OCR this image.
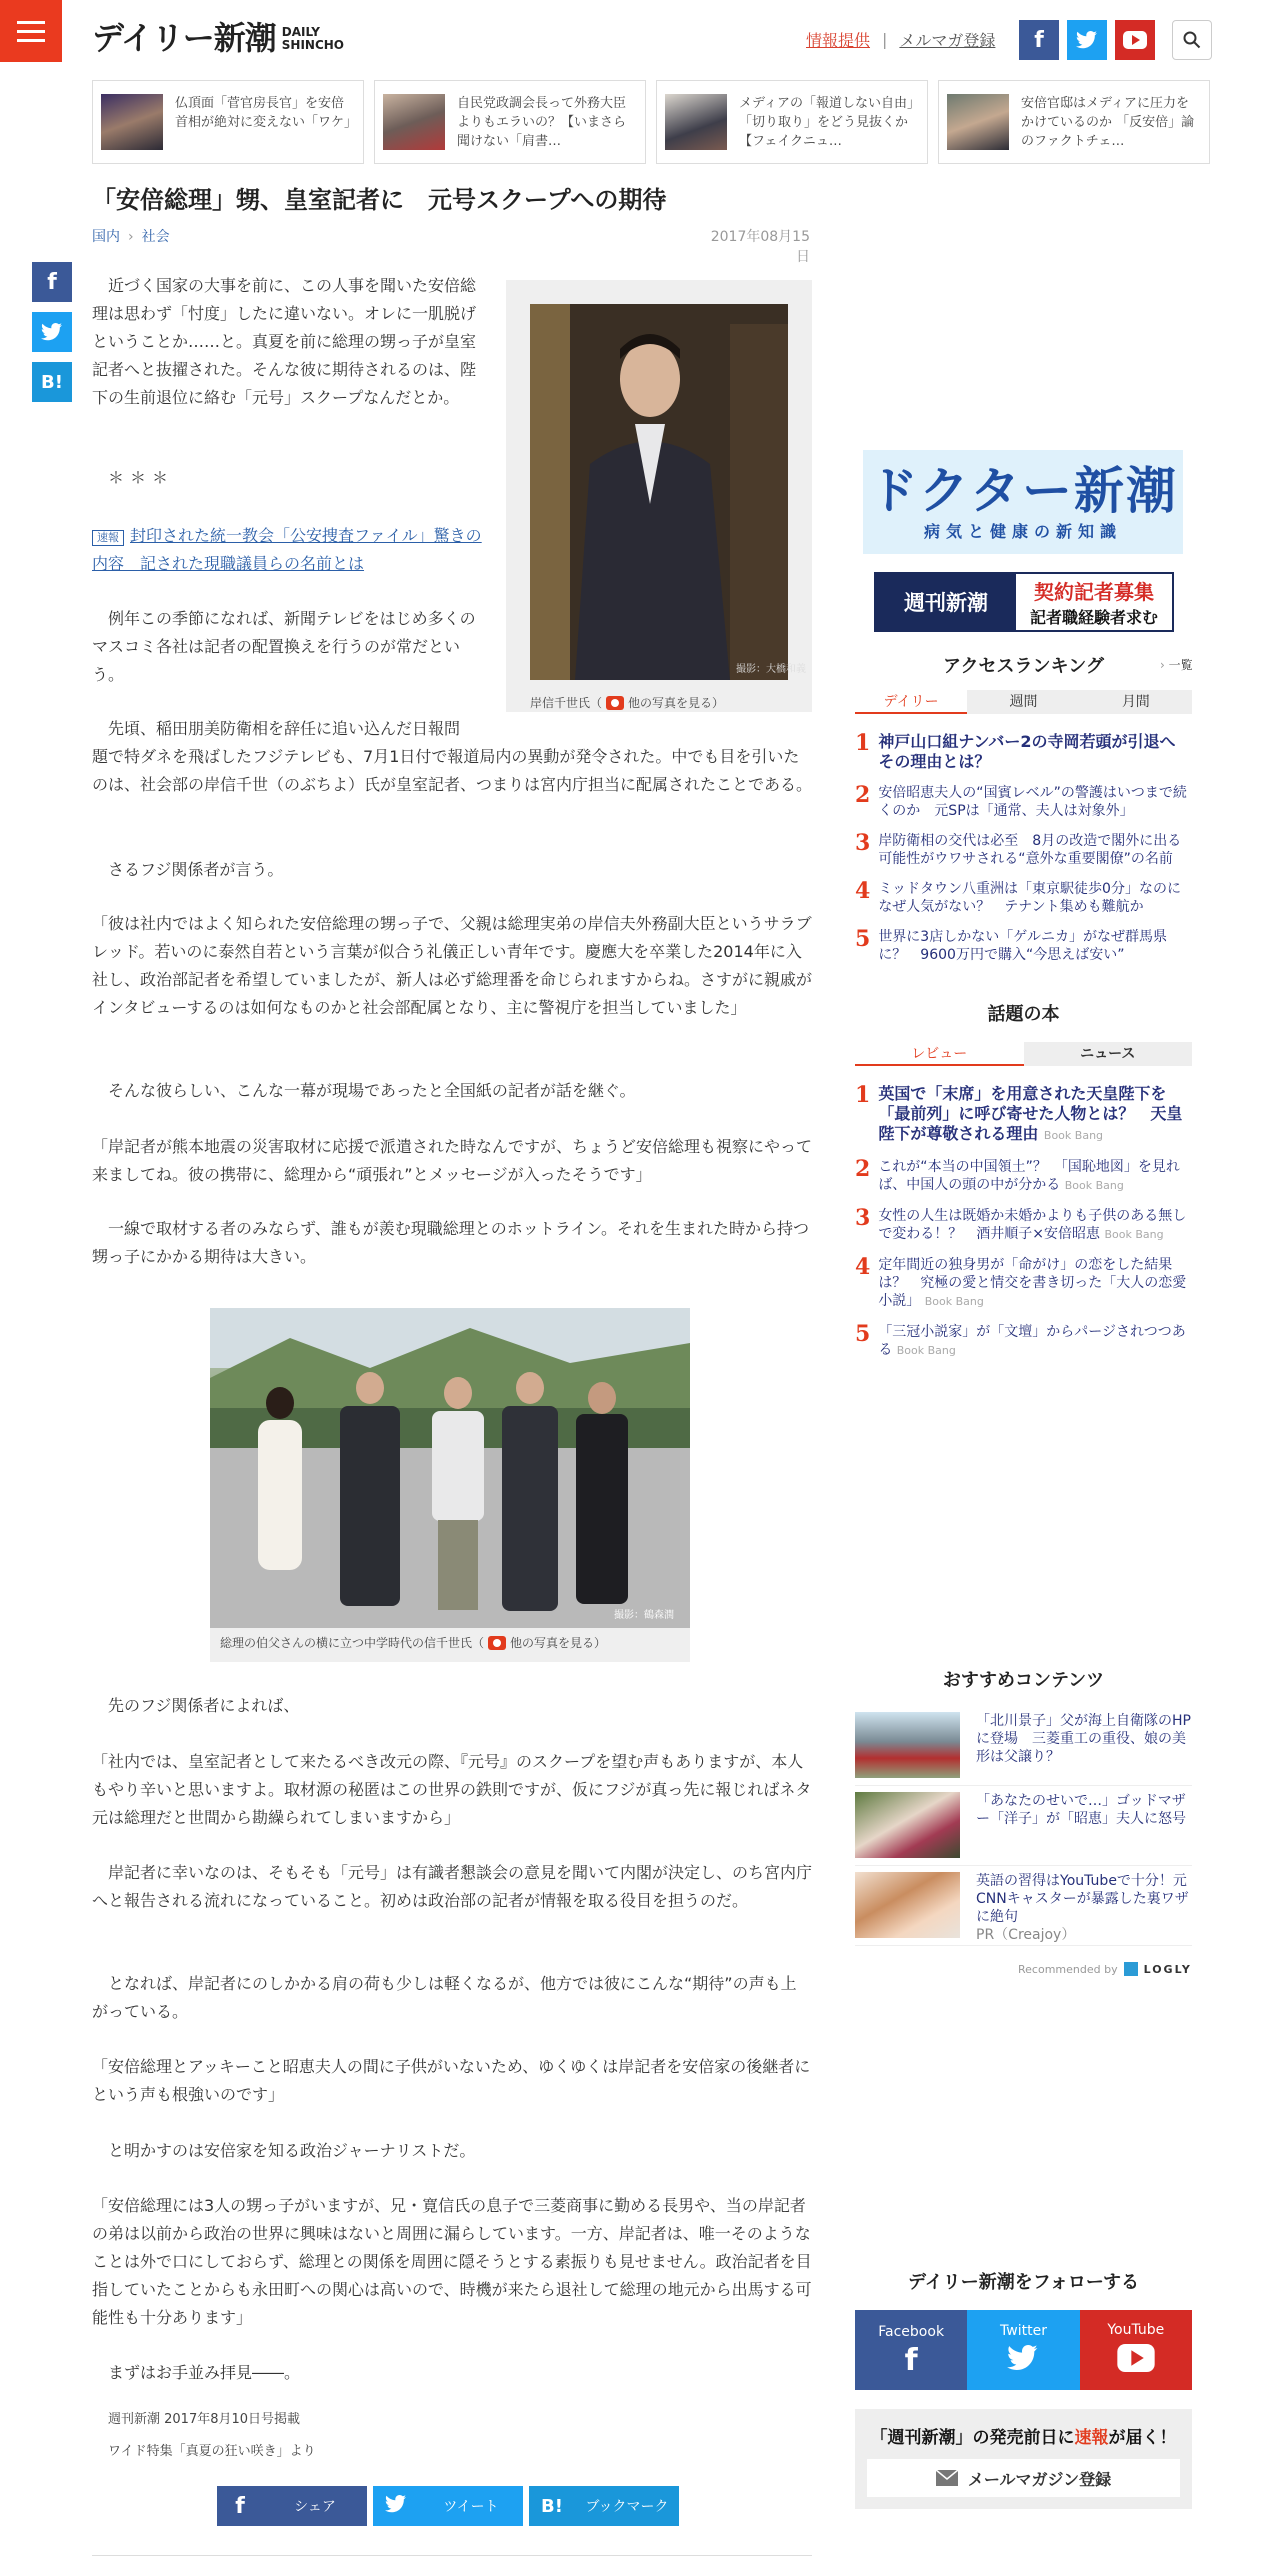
デイリー新潮 DAILY
SHINCHO	情報提供 | メルマガ登録	f
仏頂面「菅官房長官」を安倍首相が絶対に変えない「ワケ」
自民党政調会長って外務大臣よりもエラいの？【いまさら聞けない「肩書…
メディアの「報道しない自由」「切り取り」をどう見抜くか【フェイクニュ…
安倍官邸はメディアに圧力をかけているのか 「反安倍」論のファクトチェ…
「安倍総理」甥、皇室記者に　元号スクープへの期待
国内 › 社会	2017年08月15日
f
B!
撮影：大橋和義
岸信千世氏（ 他の写真を見る）

近づく国家の大事を前に、この人事を聞いた安倍総理は思わず「忖度」したに違いない。オレに一肌脱げということか……と。真夏を前に総理の甥っ子が皇室記者へと抜擢された。そんな彼に期待されるのは、陛下の生前退位に絡む「元号」スクープなんだとか。

＊＊＊

速報 封印された統一教会「公安捜査ファイル」驚きの内容　記された現職議員らの名前とは

例年この季節になれば、新聞テレビをはじめ多くのマスコミ各社は記者の配置換えを行うのが常だという。

先頃、稲田朋美防衛相を辞任に追い込んだ日報問

題で特ダネを飛ばしたフジテレビも、7月1日付で報道局内の異動が発令された。中でも目を引いたのは、社会部の岸信千世（のぶちよ）氏が皇室記者、つまりは宮内庁担当に配属されたことである。

さるフジ関係者が言う。

「彼は社内ではよく知られた安倍総理の甥っ子で、父親は総理実弟の岸信夫外務副大臣というサラブレッド。若いのに泰然自若という言葉が似合う礼儀正しい青年です。慶應大を卒業した2014年に入社し、政治部記者を希望していましたが、新人は必ず総理番を命じられますからね。さすがに親戚がインタビューするのは如何なものかと社会部配属となり、主に警視庁を担当していました」

そんな彼らしい、こんな一幕が現場であったと全国紙の記者が話を継ぐ。

「岸記者が熊本地震の災害取材に応援で派遣された時なんですが、ちょうど安倍総理も視察にやって来ましてね。彼の携帯に、総理から“頑張れ”とメッセージが入ったそうです」

一線で取材する者のみならず、誰もが羨む現職総理とのホットライン。それを生まれた時から持つ甥っ子にかかる期待は大きい。

撮影：鶴森潤
総理の伯父さんの横に立つ中学時代の信千世氏（ 他の写真を見る）

先のフジ関係者によれば、

「社内では、皇室記者として来たるべき改元の際、『元号』のスクープを望む声もありますが、本人もやり辛いと思いますよ。取材源の秘匿はこの世界の鉄則ですが、仮にフジが真っ先に報じればネタ元は総理だと世間から勘繰られてしまいますから」

岸記者に幸いなのは、そもそも「元号」は有識者懇談会の意見を聞いて内閣が決定し、のち宮内庁へと報告される流れになっていること。初めは政治部の記者が情報を取る役目を担うのだ。

となれば、岸記者にのしかかる肩の荷も少しは軽くなるが、他方では彼にこんな“期待”の声も上がっている。

「安倍総理とアッキーこと昭恵夫人の間に子供がいないため、ゆくゆくは岸記者を安倍家の後継者にという声も根強いのです」

と明かすのは安倍家を知る政治ジャーナリストだ。

「安倍総理には3人の甥っ子がいますが、兄・寛信氏の息子で三菱商事に勤める長男や、当の岸記者の弟は以前から政治の世界に興味はないと周囲に漏らしています。一方、岸記者は、唯一そのようなことは外で口にしておらず、総理との関係を周囲に隠そうとする素振りも見せません。政治記者を目指していたことからも永田町への関心は高いので、時機が来たら退社して総理の地元から出馬する可能性も十分あります」

まずはお手並み拝見――。

週刊新潮 2017年8月10日号掲載
ワイド特集「真夏の狂い咲き」より
f	シェア	ツイート	B!	ブックマーク
ドクター新潮
病気と健康の新知識
週刊新潮	契約記者募集
記者職経験者求む
アクセスランキング	› 一覧
デイリー	週間	月間
1 神戸山口組ナンバー2の寺岡若頭が引退へ その理由とは？
2 安倍昭恵夫人の“国賓レベル”の警護はいつまで続くのか　元SPは「通常、夫人は対象外」
3 岸防衛相の交代は必至　8月の改造で閣外に出る可能性がウワサされる“意外な重要閣僚”の名前
4 ミッドタウン八重洲は「東京駅徒歩0分」なのになぜ人気がない？　テナント集めも難航か
5 世界に3店しかない「ゲルニカ」がなぜ群馬県に？　9600万円で購入“今思えば安い”
話題の本
レビュー	ニュース
1 英国で「末席」を用意された天皇陛下を「最前列」に呼び寄せた人物とは？　天皇陛下が尊敬される理由 Book Bang
2 これが“本当の中国領土”？　「国恥地図」を見れば、中国人の頭の中が分かる Book Bang
3 女性の人生は既婚か未婚かよりも子供のある無しで変わる！？　酒井順子×安倍昭恵 Book Bang
4 定年間近の独身男が「命がけ」の恋をした結果は？　究極の愛と情交を書き切った「大人の恋愛小説」 Book Bang
5 「三冠小説家」が「文壇」からパージされつつある Book Bang
おすすめコンテンツ
「北川景子」父が海上自衛隊のHPに登場　三菱重工の重役、娘の美形は父譲り？
「あなたのせいで…」ゴッドマザー「洋子」が「昭恵」夫人に怒号
英語の習得はYouTubeで十分！元CNNキャスターが暴露した裏ワザに絶句
PR（Creajoy）
Recommended by LOGLY
デイリー新潮をフォローする
Facebook
f
Twitter	YouTube
「週刊新潮」の発売前日に速報が届く！
メールマガジン登録
